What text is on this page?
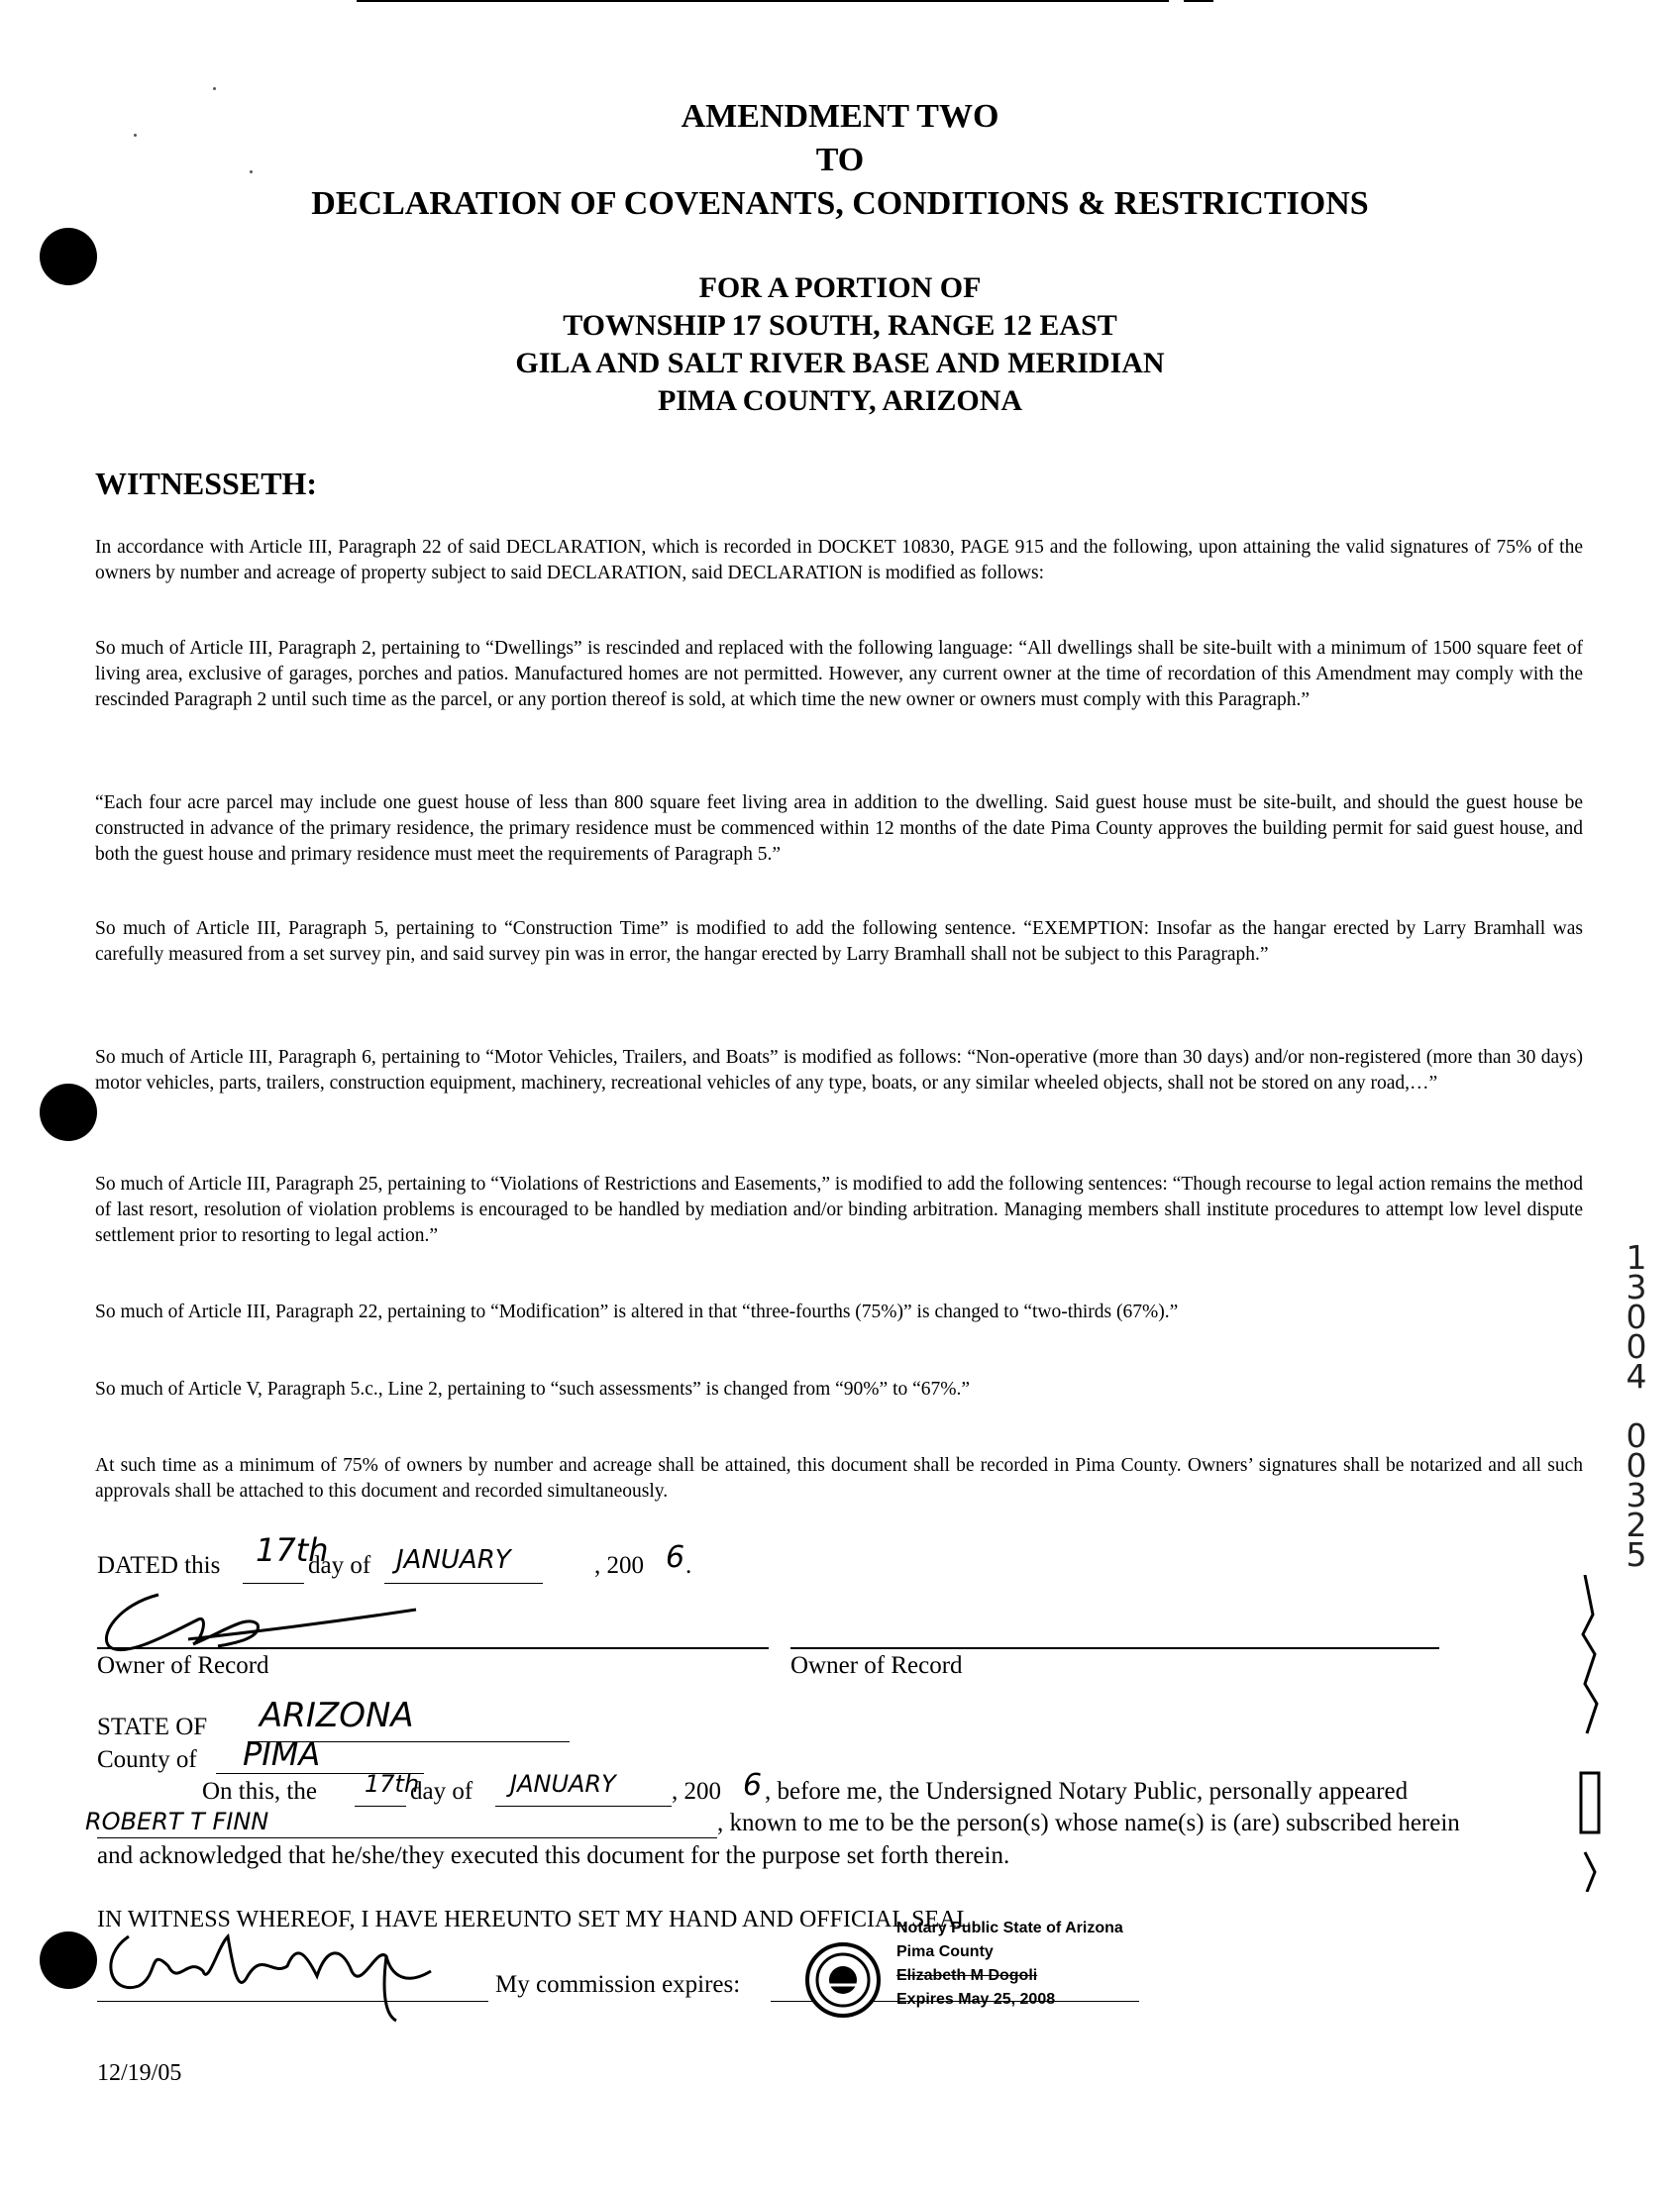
AMENDMENT TWO
TO
DECLARATION OF COVENANTS, CONDITIONS & RESTRICTIONS
FOR A PORTION OF
TOWNSHIP 17 SOUTH, RANGE 12 EAST
GILA AND SALT RIVER BASE AND MERIDIAN
PIMA COUNTY, ARIZONA
WITNESSETH:

In accordance with Article III, Paragraph 22 of said DECLARATION, which is recorded in DOCKET 10830, PAGE 915 and the following, upon attaining the valid signatures of 75% of the owners by number and acreage of property subject to said DECLARATION, said DECLARATION is modified as follows:

So much of Article III, Paragraph 2, pertaining to “Dwellings” is rescinded and replaced with the following language: “All dwellings shall be site-built with a minimum of 1500 square feet of living area, exclusive of garages, porches and patios. Manufactured homes are not permitted. However, any current owner at the time of recordation of this Amendment may comply with the rescinded Paragraph 2 until such time as the parcel, or any portion thereof is sold, at which time the new owner or owners must comply with this Paragraph.”

“Each four acre parcel may include one guest house of less than 800 square feet living area in addition to the dwelling. Said guest house must be site-built, and should the guest house be constructed in advance of the primary residence, the primary residence must be commenced within 12 months of the date Pima County approves the building permit for said guest house, and both the guest house and primary residence must meet the requirements of Paragraph 5.”

So much of Article III, Paragraph 5, pertaining to “Construction Time” is modified to add the following sentence. “EXEMPTION: Insofar as the hangar erected by Larry Bramhall was carefully measured from a set survey pin, and said survey pin was in error, the hangar erected by Larry Bramhall shall not be subject to this Paragraph.”

So much of Article III, Paragraph 6, pertaining to “Motor Vehicles, Trailers, and Boats” is modified as follows: “Non-operative (more than 30 days) and/or non-registered (more than 30 days) motor vehicles, parts, trailers, construction equipment, machinery, recreational vehicles of any type, boats, or any similar wheeled objects, shall not be stored on any road,…”

So much of Article III, Paragraph 25, pertaining to “Violations of Restrictions and Easements,” is modified to add the following sentences: “Though recourse to legal action remains the method of last resort, resolution of violation problems is encouraged to be handled by mediation and/or binding arbitration. Managing members shall institute procedures to attempt low level dispute settlement prior to resorting to legal action.”

So much of Article III, Paragraph 22, pertaining to “Modification” is altered in that “three-fourths (75%)” is changed to “two-thirds (67%).”

So much of Article V, Paragraph 5.c., Line 2, pertaining to “such assessments” is changed from “90%” to “67%.”

At such time as a minimum of 75% of owners by number and acreage shall be attained, this document shall be recorded in Pima County. Owners’ signatures shall be notarized and all such approvals shall be attached to this document and recorded simultaneously.

DATED this 17th
day of JANUARY	, 200 6 .
Owner of Record	Owner of Record
STATE OF ARIZONA
County of PIMA
On this, the 17th
day of JANUARY , 200 6 , before me, the Undersigned Notary Public, personally appeared
ROBERT T FINN	, known to me to be the person(s) whose name(s) is (are) subscribed herein
and acknowledged that he/she/they executed this document for the purpose set forth therein.
IN WITNESS WHEREOF, I HAVE HEREUNTO SET MY HAND AND OFFICIAL SEAL.
My commission expires:
Notary Public State of Arizona
Pima County
Elizabeth M Dogoli
Expires May 25, 2008
12/19/05
1
3
0
0
4
0
0
3
2
5
